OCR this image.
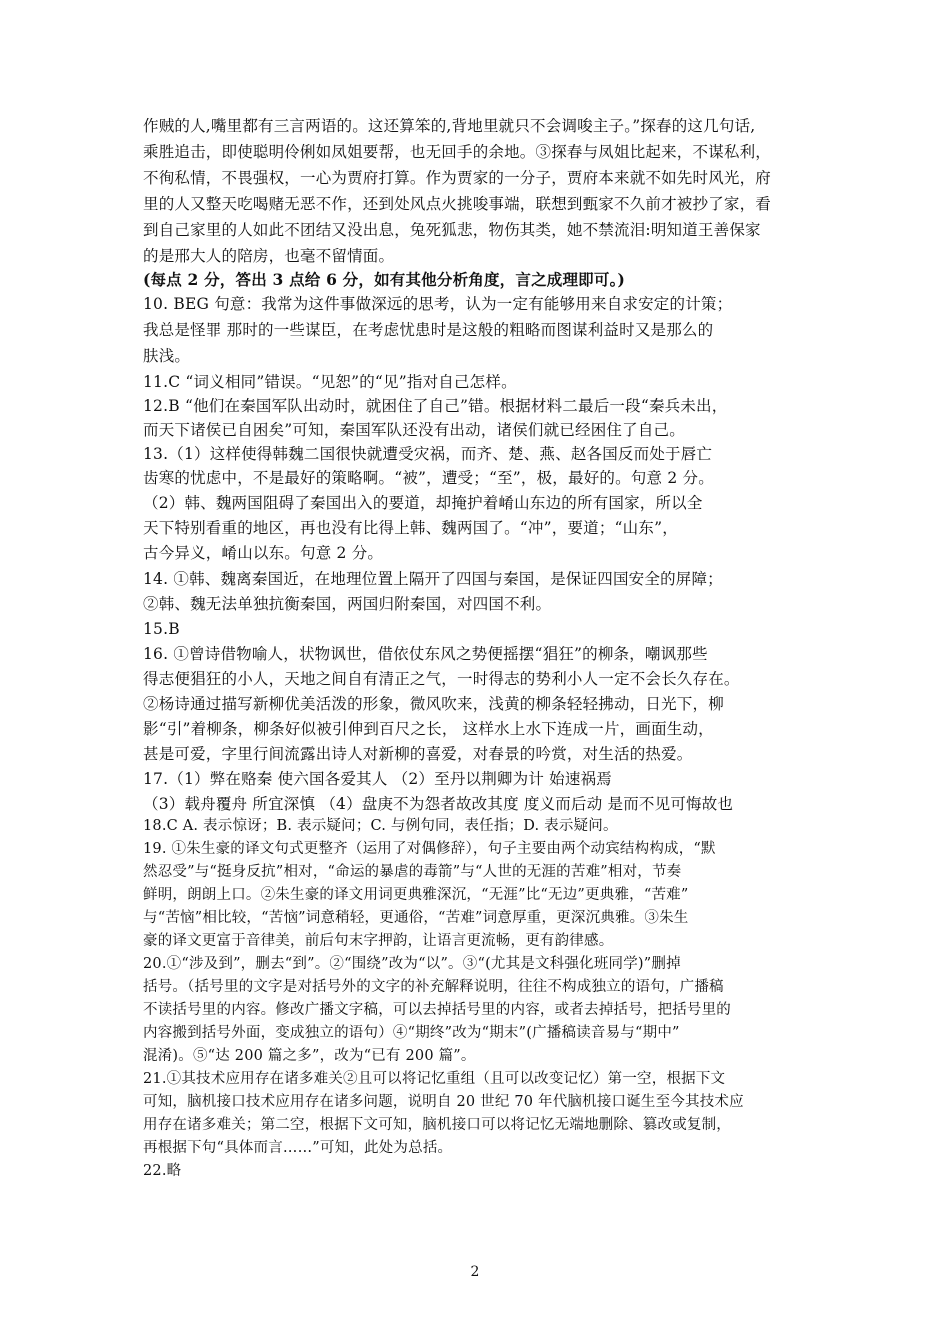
作贼的人,嘴里都有三言两语的。这还算笨的,背地里就只不会调唆主子。”探春的这几句话,
乘胜追击，即使聪明伶俐如凤姐要帮，也无回手的余地。③探春与凤姐比起来，不谋私利，
不徇私情，不畏强权，一心为贾府打算。作为贾家的一分子，贾府本来就不如先时风光，府
里的人又整天吃喝赌无恶不作，还到处风点火挑唆事端，联想到甄家不久前才被抄了家，看
到自己家里的人如此不团结又没出息，兔死狐悲，物伤其类，她不禁流泪:明知道王善保家
的是邢大人的陪房，也毫不留情面。
(每点 2 分，答出 3 点给 6 分，如有其他分析角度，言之成理即可。)
10. BEG 句意：我常为这件事做深远的思考，认为一定有能够用来自求安定的计策；
我总是怪罪 那时的一些谋臣，在考虑忧患时是这般的粗略而图谋利益时又是那么的
肤浅。
11.C “词义相同”错误。“见恕”的“见”指对自己怎样。
12.B “他们在秦国军队出动时，就困住了自己”错。根据材料二最后一段“秦兵未出，
而天下诸侯已自困矣”可知，秦国军队还没有出动，诸侯们就已经困住了自己。
13.（1）这样使得韩魏二国很快就遭受灾祸，而齐、楚、燕、赵各国反而处于唇亡
齿寒的忧虑中，不是最好的策略啊。“被”，遭受；“至”，极，最好的。句意 2 分。
（2）韩、魏两国阻碍了秦国出入的要道，却掩护着崤山东边的所有国家，所以全
天下特别看重的地区，再也没有比得上韩、魏两国了。“冲”，要道；“山东”，
古今异义，崤山以东。句意 2 分。
14. ①韩、魏离秦国近，在地理位置上隔开了四国与秦国，是保证四国安全的屏障；
②韩、魏无法单独抗衡秦国，两国归附秦国，对四国不利。
15.B
16. ①曾诗借物喻人，状物讽世，借依仗东风之势便摇摆“猖狂”的柳条，嘲讽那些
得志便猖狂的小人，天地之间自有清正之气，一时得志的势利小人一定不会长久存在。
②杨诗通过描写新柳优美活泼的形象，微风吹来，浅黄的柳条轻轻拂动，日光下，柳
影“引”着柳条，柳条好似被引伸到百尺之长， 这样水上水下连成一片，画面生动，
甚是可爱，字里行间流露出诗人对新柳的喜爱，对春景的吟赏，对生活的热爱。
17.（1）弊在赂秦 使六国各爱其人 （2）至丹以荆卿为计 始速祸焉
（3）载舟覆舟 所宜深慎 （4）盘庚不为怨者故改其度 度义而后动 是而不见可悔故也
18.C A. 表示惊讶；B. 表示疑问；C. 与例句同，表任指；D. 表示疑问。
19. ①朱生豪的译文句式更整齐（运用了对偶修辞），句子主要由两个动宾结构构成，“默
然忍受”与“挺身反抗”相对，“命运的暴虐的毒箭”与“人世的无涯的苦难”相对，节奏
鲜明，朗朗上口。②朱生豪的译文用词更典雅深沉，“无涯”比“无边”更典雅，“苦难”
与“苦恼”相比较，“苦恼”词意稍轻，更通俗，“苦难”词意厚重，更深沉典雅。③朱生
豪的译文更富于音律美，前后句末字押韵，让语言更流畅，更有韵律感。
20.①“涉及到”，删去“到”。②“围绕”改为“以”。③“(尤其是文科强化班同学)”删掉
括号。（括号里的文字是对括号外的文字的补充解释说明，往往不构成独立的语句，广播稿
不读括号里的内容。修改广播文字稿，可以去掉括号里的内容，或者去掉括号，把括号里的
内容搬到括号外面，变成独立的语句）④“期终”改为“期末”(广播稿读音易与“期中”
混淆)。⑤“达 200 篇之多”，改为“已有 200 篇”。
21.①其技术应用存在诸多难关②且可以将记忆重组（且可以改变记忆）第一空，根据下文
可知，脑机接口技术应用存在诸多问题，说明自 20 世纪 70 年代脑机接口诞生至今其技术应
用存在诸多难关；第二空，根据下文可知，脑机接口可以将记忆无端地删除、篡改或复制，
再根据下句“具体而言……”可知，此处为总括。
22.略
2
